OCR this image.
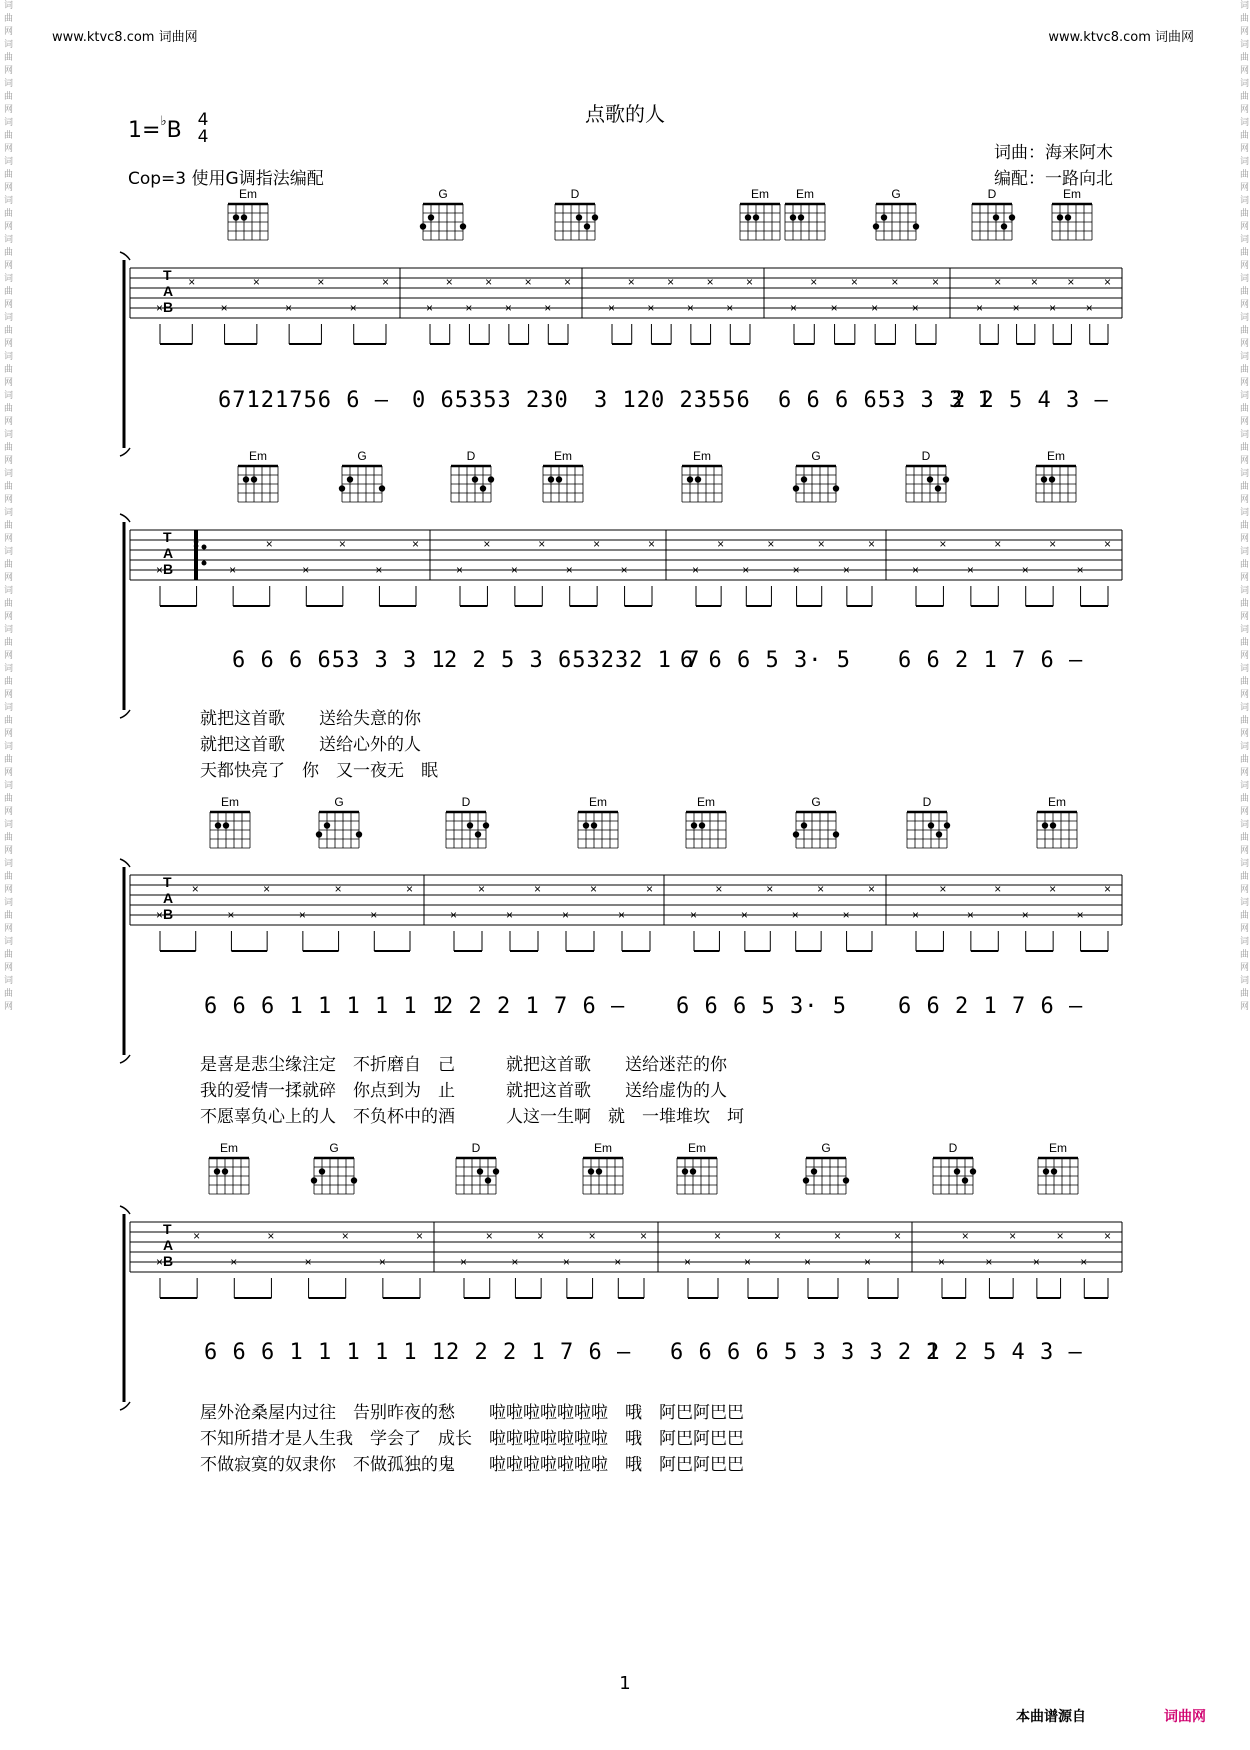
www.ktvc8.com 词曲网	www.ktvc8.com 词曲网
词曲网词曲网词曲网词曲网词曲网词曲网词曲网词曲网词曲网词曲网词曲网词曲网词曲网词曲网词曲网词曲网词曲网词曲网词曲网词曲网词曲网词曲网词曲网词曲网词曲网词曲网	词曲网词曲网词曲网词曲网词曲网词曲网词曲网词曲网词曲网词曲网词曲网词曲网词曲网词曲网词曲网词曲网词曲网词曲网词曲网词曲网词曲网词曲网词曲网词曲网词曲网词曲网
点歌的人
1=♭B 4
4
Cop=3 使用G调指法编配
词曲：海来阿木
编配：一路向北
T
A
B
×
×
×
×
×
×
×
×
×
×
×
×
×
×
×
×
×
×
×
×
×
×
×
×
×
×
×
×
×
×
×
×
×
×
×
×
×
×
×
×
Em	G	D	Em Em	G	D	Em
T
A
B
×
×
×
×
×
×
×
×
×
×
×
×
×
×
×
×
×
×
×
×
×
×
×
×
×
×
×
×
×
×
×
×
Em	G	D	Em	Em	G	D	Em
T
A
B
×
×
×
×
×
×
×
×
×
×
×
×
×
×
×
×
×
×
×
×
×
×
×
×
×
×
×
×
×
×
×
×
Em	G	D	Em	Em	G	D	Em
T
A
B
×
×
×
×
×
×
×
×
×
×
×
×
×
×
×
×
×
×
×
×
×
×
×
×
×
×
×
×
×
×
×
×
Em	G	D	Em	Em	G	D	Em
67̇1̇2̇1̇756 6 – 0 65353 230 3 120 23556 6 6 6 653 3 3 1
2 2 5 4 3 –
6 6 6 653 3 3 1
2 2 5 3 653232 1 7
6 6 6 5 3· 5 6 6 2 1 7 6 –
就把这首歌　　送给失意的你
就把这首歌　　送给心外的人
天都快亮了　你　又一夜无　眠
6 6 6 1 1 1 1 1 1
2 2 2 1 7 6 – 6 6 6 5 3· 5 6 6 2 1 7 6 –
是喜是悲尘缘注定　不折磨自　己　　　就把这首歌　　送给迷茫的你
我的爱情一揉就碎　你点到为　止　　　就把这首歌　　送给虚伪的人
不愿辜负心上的人　不负杯中的酒　　　人这一生啊　就　一堆堆坎　坷
6 6 6 1 1 1 1 1 1 2 2 2 1 7 6 – 6 6 6 6 5 3 3 3 2 1
2 2 5 4 3 –
屋外沧桑屋内过往　告别昨夜的愁　　啦啦啦啦啦啦啦　哦　阿巴阿巴巴
不知所措才是人生我　学会了　成长　啦啦啦啦啦啦啦　哦　阿巴阿巴巴
不做寂寞的奴隶你　不做孤独的鬼　　啦啦啦啦啦啦啦　哦　阿巴阿巴巴
1
本曲谱源自	词曲网
